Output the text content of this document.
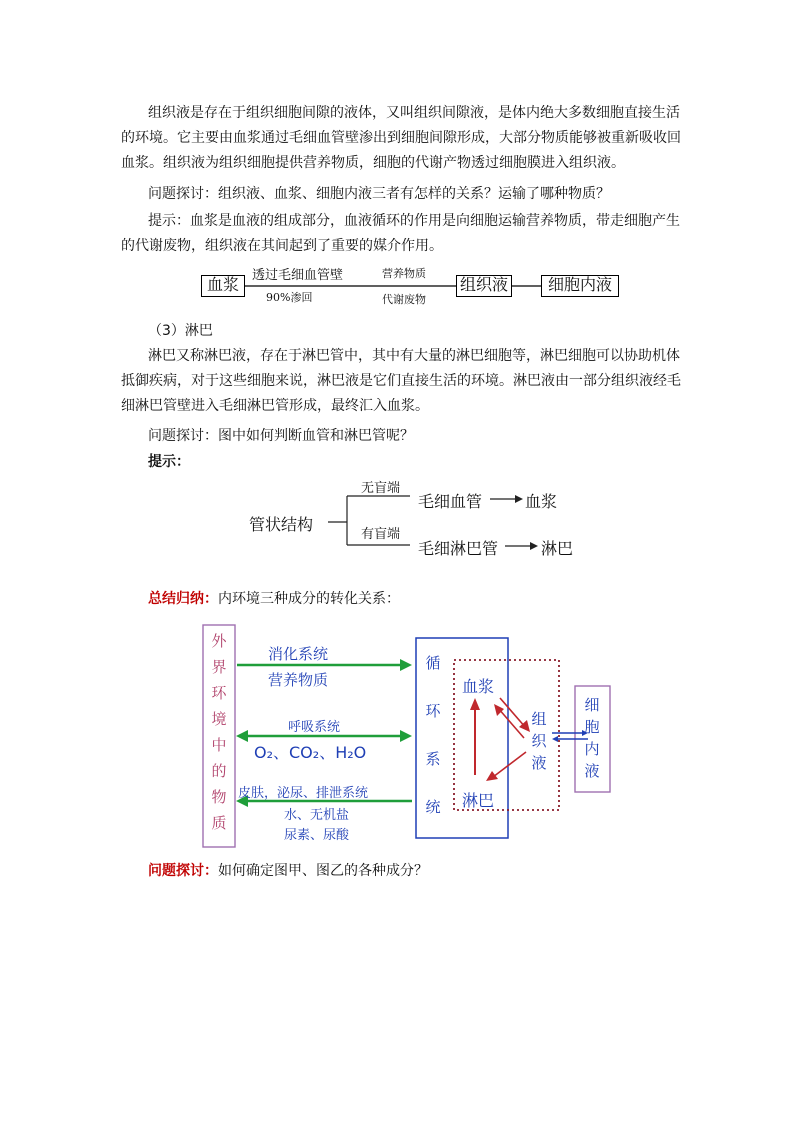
组织液是存在于组织细胞间隙的液体，又叫组织间隙液，是体内绝大多数细胞直接生活
的环境。它主要由血浆通过毛细血管壁渗出到细胞间隙形成，大部分物质能够被重新吸收回
血浆。组织液为组织细胞提供营养物质，细胞的代谢产物透过细胞膜进入组织液。
问题探讨：组织液、血浆、细胞内液三者有怎样的关系？运输了哪种物质？
提示：血浆是血液的组成部分，血液循环的作用是向细胞运输营养物质，带走细胞产生
的代谢废物，组织液在其间起到了重要的媒介作用。
血浆	组织液	细胞内液
透过毛细血管壁
90%渗回
营养物质
代谢废物
（3）淋巴
淋巴又称淋巴液，存在于淋巴管中，其中有大量的淋巴细胞等，淋巴细胞可以协助机体
抵御疾病，对于这些细胞来说，淋巴液是它们直接生活的环境。淋巴液由一部分组织液经毛
细淋巴管壁进入毛细淋巴管形成，最终汇入血浆。
问题探讨：图中如何判断血管和淋巴管呢？
提示：
管状结构
无盲端
有盲端
毛细血管	血浆
毛细淋巴管	淋巴
总结归纳：内环境三种成分的转化关系：
外
界
环
境
中
的
物
质
消化系统
营养物质
呼吸系统
O₂、CO₂、H₂O
皮肤，泌尿、排泄系统
水、无机盐
尿素、尿酸
循
环
系
统
血浆
淋巴
组
织
液
细
胞
内
液
问题探讨：如何确定图甲、图乙的各种成分？
